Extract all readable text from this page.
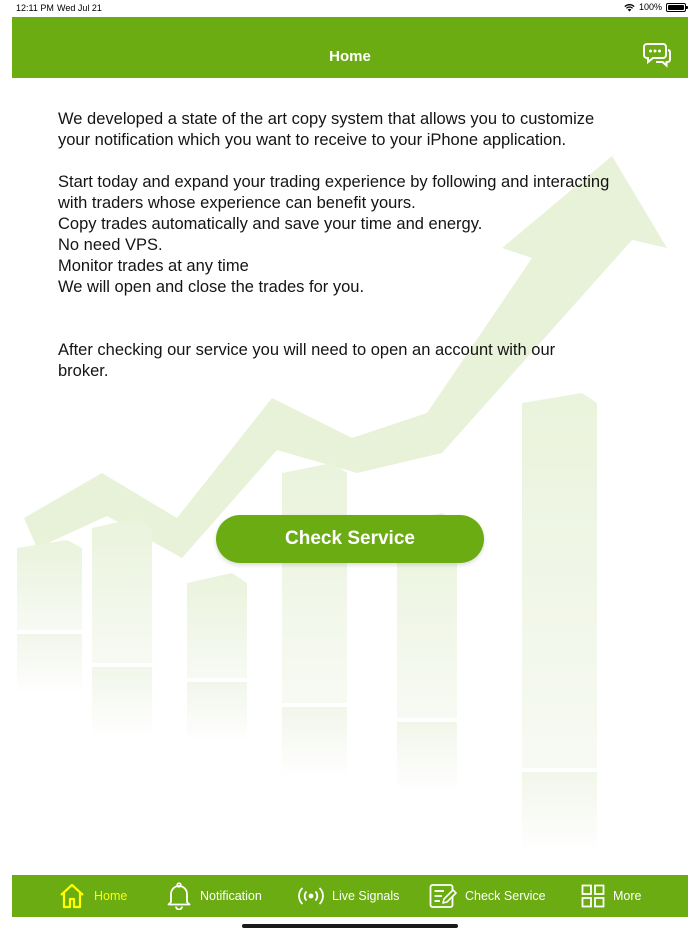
12:11 PM Wed Jul 21	100%
Home

We developed a state of the art copy system that allows you to customize
your notification which you want to receive to your iPhone application.

Start today and expand your trading experience by following and interacting
with traders whose experience can benefit yours.
Copy trades automatically and save your time and energy.
No need VPS.
Monitor trades at any time
We will open and close the trades for you.

After checking our service you will need to open an account with our
broker.

Check Service
Home	Notification	Live Signals	Check Service	More
